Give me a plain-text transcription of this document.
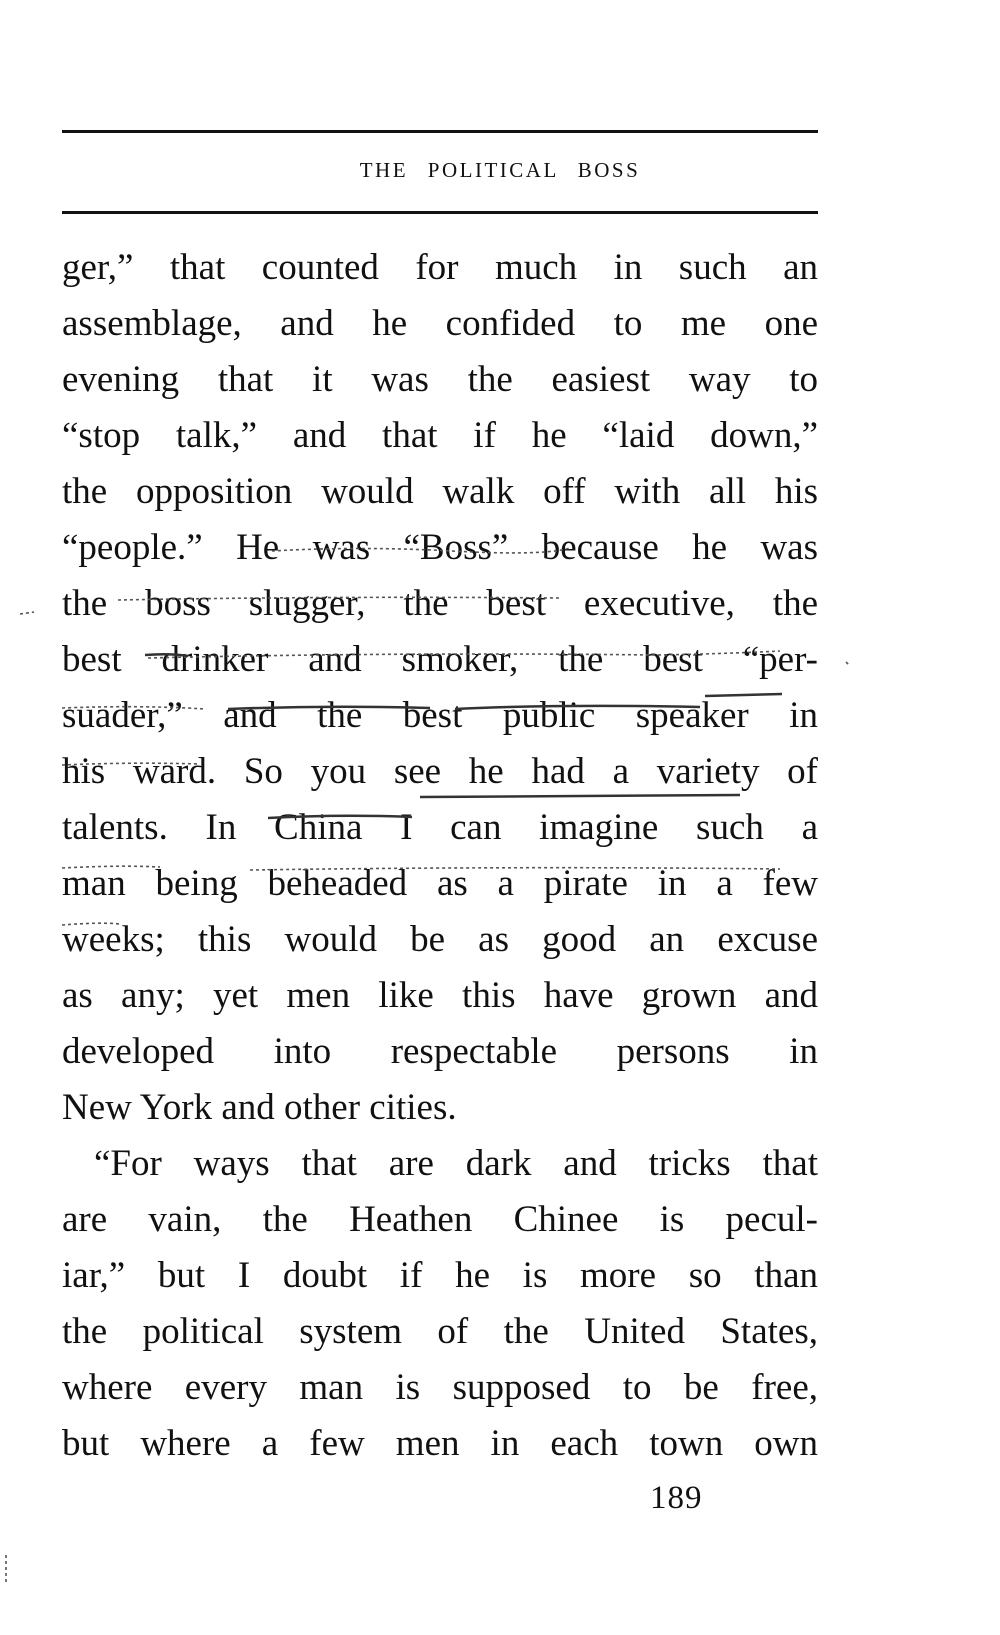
THE POLITICAL BOSS
ger,” that counted for much in such an
assemblage, and he confided to me one
evening that it was the easiest way to
“stop talk,” and that if he “laid down,”
the opposition would walk off with all his
“people.” He was “Boss” because he was
the boss slugger, the best executive, the
best drinker and smoker, the best “per-
suader,” and the best public speaker in
his ward. So you see he had a variety of
talents. In China I can imagine such a
man being beheaded as a pirate in a few
weeks; this would be as good an excuse
as any; yet men like this have grown and
developed into respectable persons in
New York and other cities.
“For ways that are dark and tricks that
are vain, the Heathen Chinee is pecul-
iar,” but I doubt if he is more so than
the political system of the United States,
where every man is supposed to be free,
but where a few men in each town own
189
